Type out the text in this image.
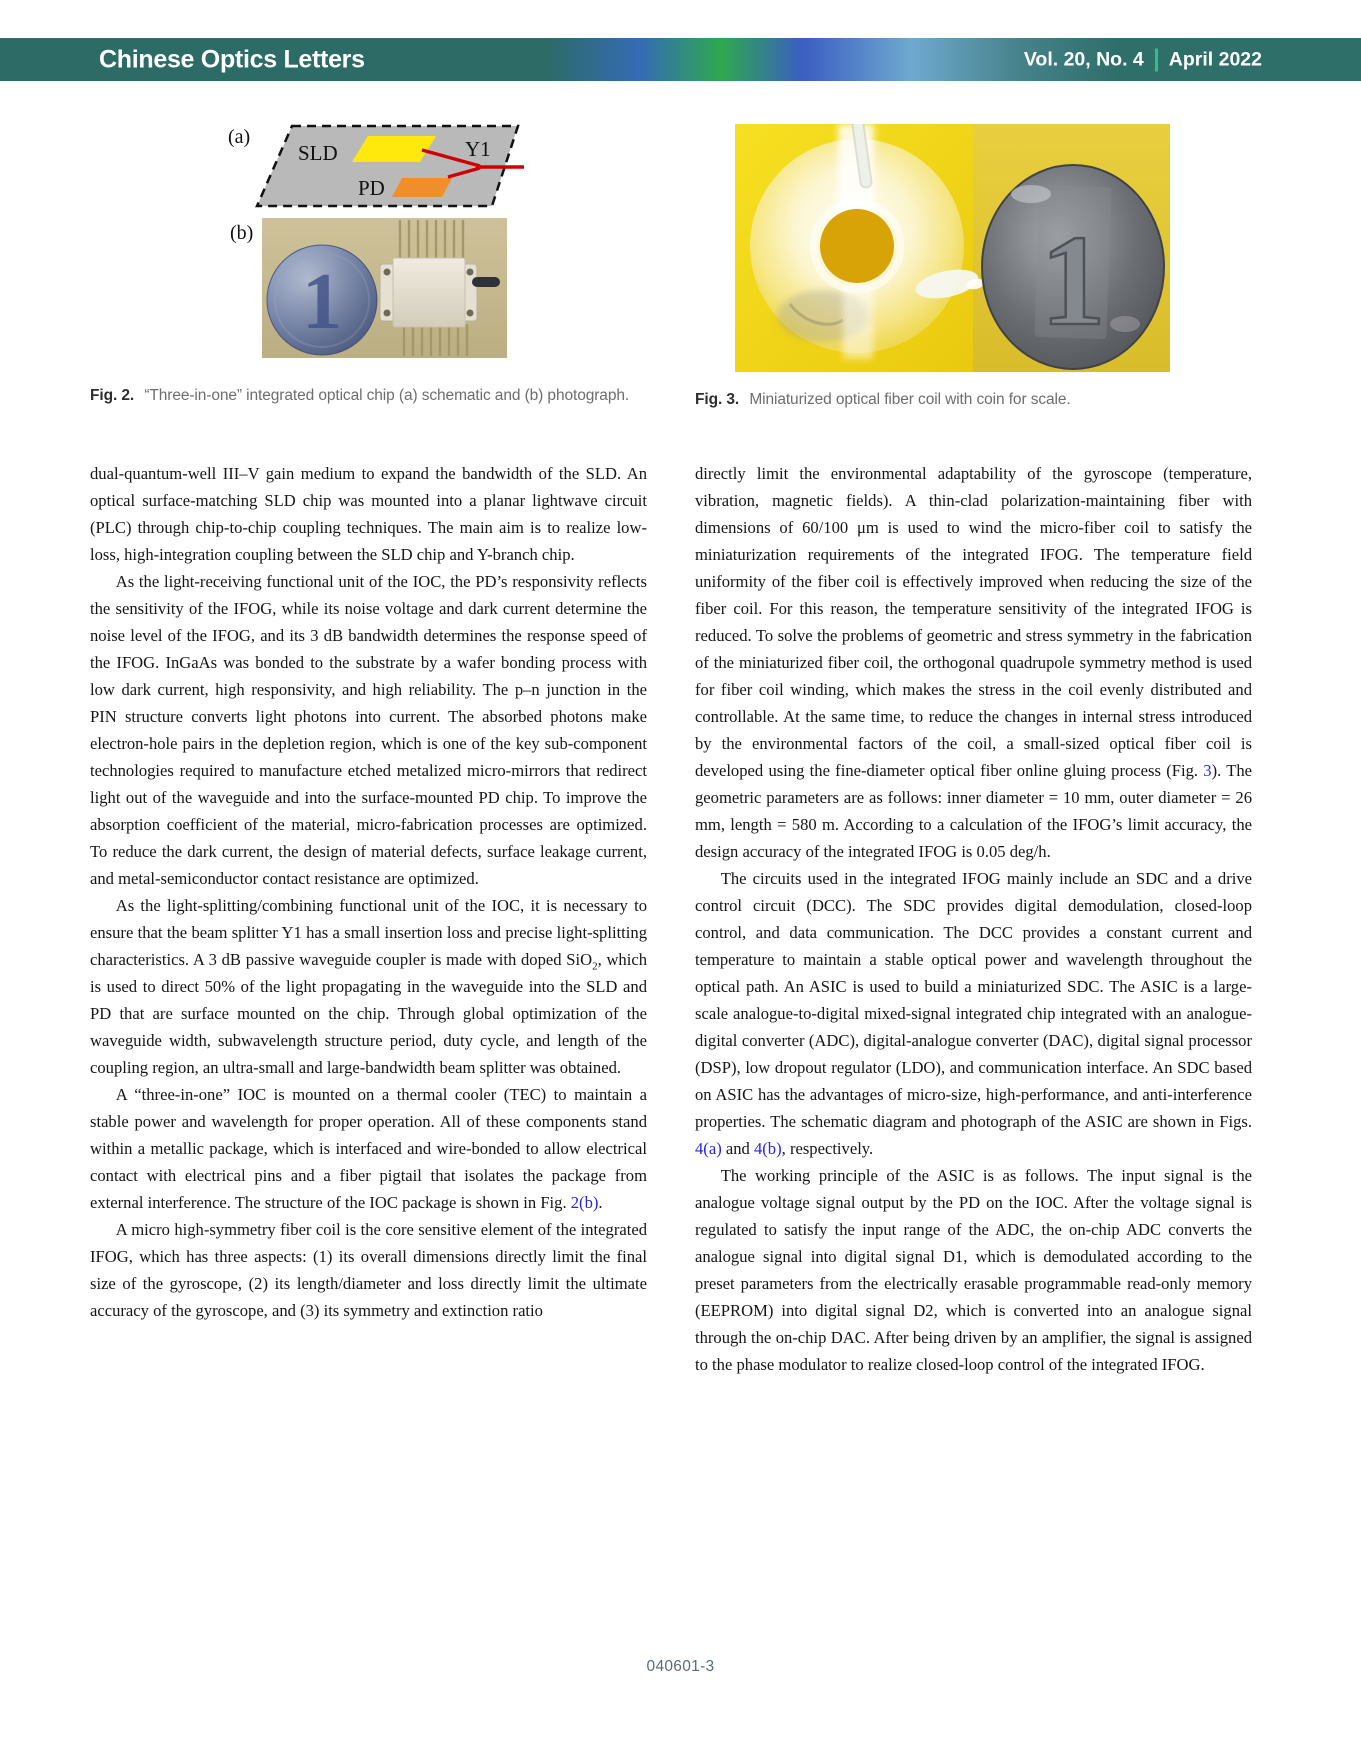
Chinese Optics Letters	Vol. 20, No. 4 April 2022
(a)
SLD
PD
Y1
(b)
1
Fig. 2. “Three-in-one” integrated optical chip (a) schematic and (b) photograph.
1
Fig. 3. Miniaturized optical fiber coil with coin for scale.

dual-quantum-well III–V gain medium to expand the bandwidth of the SLD. An optical surface-matching SLD chip was mounted into a planar lightwave circuit (PLC) through chip-to-chip coupling techniques. The main aim is to realize low-loss, high-integration coupling between the SLD chip and Y-branch chip.

As the light-receiving functional unit of the IOC, the PD’s responsivity reflects the sensitivity of the IFOG, while its noise voltage and dark current determine the noise level of the IFOG, and its 3 dB bandwidth determines the response speed of the IFOG. InGaAs was bonded to the substrate by a wafer bonding process with low dark current, high responsivity, and high reliability. The p–n junction in the PIN structure converts light photons into current. The absorbed photons make electron-hole pairs in the depletion region, which is one of the key sub-component technologies required to manufacture etched metalized micro-mirrors that redirect light out of the waveguide and into the surface-mounted PD chip. To improve the absorption coefficient of the material, micro-fabrication processes are optimized. To reduce the dark current, the design of material defects, surface leakage current, and metal-semiconductor contact resistance are optimized.

As the light-splitting/combining functional unit of the IOC, it is necessary to ensure that the beam splitter Y1 has a small insertion loss and precise light-splitting characteristics. A 3 dB passive waveguide coupler is made with doped SiO$_2$, which is used to direct 50% of the light propagating in the waveguide into the SLD and PD that are surface mounted on the chip. Through global optimization of the waveguide width, subwavelength structure period, duty cycle, and length of the coupling region, an ultra-small and large-bandwidth beam splitter was obtained.

A “three-in-one” IOC is mounted on a thermal cooler (TEC) to maintain a stable power and wavelength for proper operation. All of these components stand within a metallic package, which is interfaced and wire-bonded to allow electrical contact with electrical pins and a fiber pigtail that isolates the package from external interference. The structure of the IOC package is shown in Fig. 2(b).

A micro high-symmetry fiber coil is the core sensitive element of the integrated IFOG, which has three aspects: (1) its overall dimensions directly limit the final size of the gyroscope, (2) its length/diameter and loss directly limit the ultimate accuracy of the gyroscope, and (3) its symmetry and extinction ratio

directly limit the environmental adaptability of the gyroscope (temperature, vibration, magnetic fields). A thin-clad polarization-maintaining fiber with dimensions of 60/100 μm is used to wind the micro-fiber coil to satisfy the miniaturization requirements of the integrated IFOG. The temperature field uniformity of the fiber coil is effectively improved when reducing the size of the fiber coil. For this reason, the temperature sensitivity of the integrated IFOG is reduced. To solve the problems of geometric and stress symmetry in the fabrication of the miniaturized fiber coil, the orthogonal quadrupole symmetry method is used for fiber coil winding, which makes the stress in the coil evenly distributed and controllable. At the same time, to reduce the changes in internal stress introduced by the environmental factors of the coil, a small-sized optical fiber coil is developed using the fine-diameter optical fiber online gluing process (Fig. 3). The geometric parameters are as follows: inner diameter = 10 mm, outer diameter = 26 mm, length = 580 m. According to a calculation of the IFOG’s limit accuracy, the design accuracy of the integrated IFOG is 0.05 deg/h.

The circuits used in the integrated IFOG mainly include an SDC and a drive control circuit (DCC). The SDC provides digital demodulation, closed-loop control, and data communication. The DCC provides a constant current and temperature to maintain a stable optical power and wavelength throughout the optical path. An ASIC is used to build a miniaturized SDC. The ASIC is a large-scale analogue-to-digital mixed-signal integrated chip integrated with an analogue-digital converter (ADC), digital-analogue converter (DAC), digital signal processor (DSP), low dropout regulator (LDO), and communication interface. An SDC based on ASIC has the advantages of micro-size, high-performance, and anti-interference properties. The schematic diagram and photograph of the ASIC are shown in Figs. 4(a) and 4(b), respectively.

The working principle of the ASIC is as follows. The input signal is the analogue voltage signal output by the PD on the IOC. After the voltage signal is regulated to satisfy the input range of the ADC, the on-chip ADC converts the analogue signal into digital signal D1, which is demodulated according to the preset parameters from the electrically erasable programmable read-only memory (EEPROM) into digital signal D2, which is converted into an analogue signal through the on-chip DAC. After being driven by an amplifier, the signal is assigned to the phase modulator to realize closed-loop control of the integrated IFOG.

040601-3
